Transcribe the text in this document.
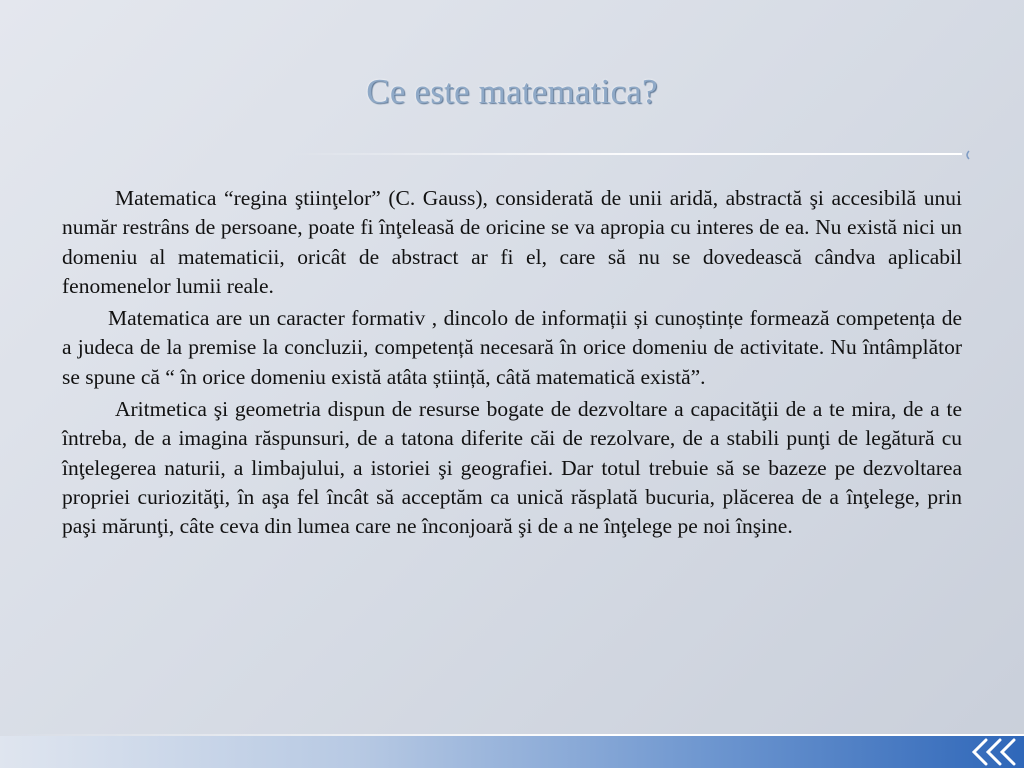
Ce este matematica?

Matematica “regina ştiinţelor” (C. Gauss), considerată de unii aridă, abstractă şi accesibilă unui număr restrâns de persoane, poate fi înţeleasă de oricine se va apropia cu interes de ea. Nu există nici un domeniu al matematicii, oricât de abstract ar fi el, care să nu se dovedească cândva aplicabil fenomenelor lumii reale.

Matematica are un caracter formativ , dincolo de informații și cunoștințe formează competența de a judeca de la premise la concluzii, competență necesară în orice domeniu de activitate. Nu întâmplător se spune că “ în orice domeniu există atâta știință, câtă matematică există”.

Aritmetica şi geometria dispun de resurse bogate de dezvoltare a capacităţii de a te mira, de a te întreba, de a imagina răspunsuri, de a tatona diferite căi de rezolvare, de a stabili punţi de legătură cu înţelegerea naturii, a limbajului, a istoriei şi geografiei. Dar totul trebuie să se bazeze pe dezvoltarea propriei curiozităţi, în aşa fel încât să acceptăm ca unică răsplată bucuria, plăcerea de a înţelege, prin paşi mărunţi, câte ceva din lumea care ne înconjoară şi de a ne înţelege pe noi înşine.
